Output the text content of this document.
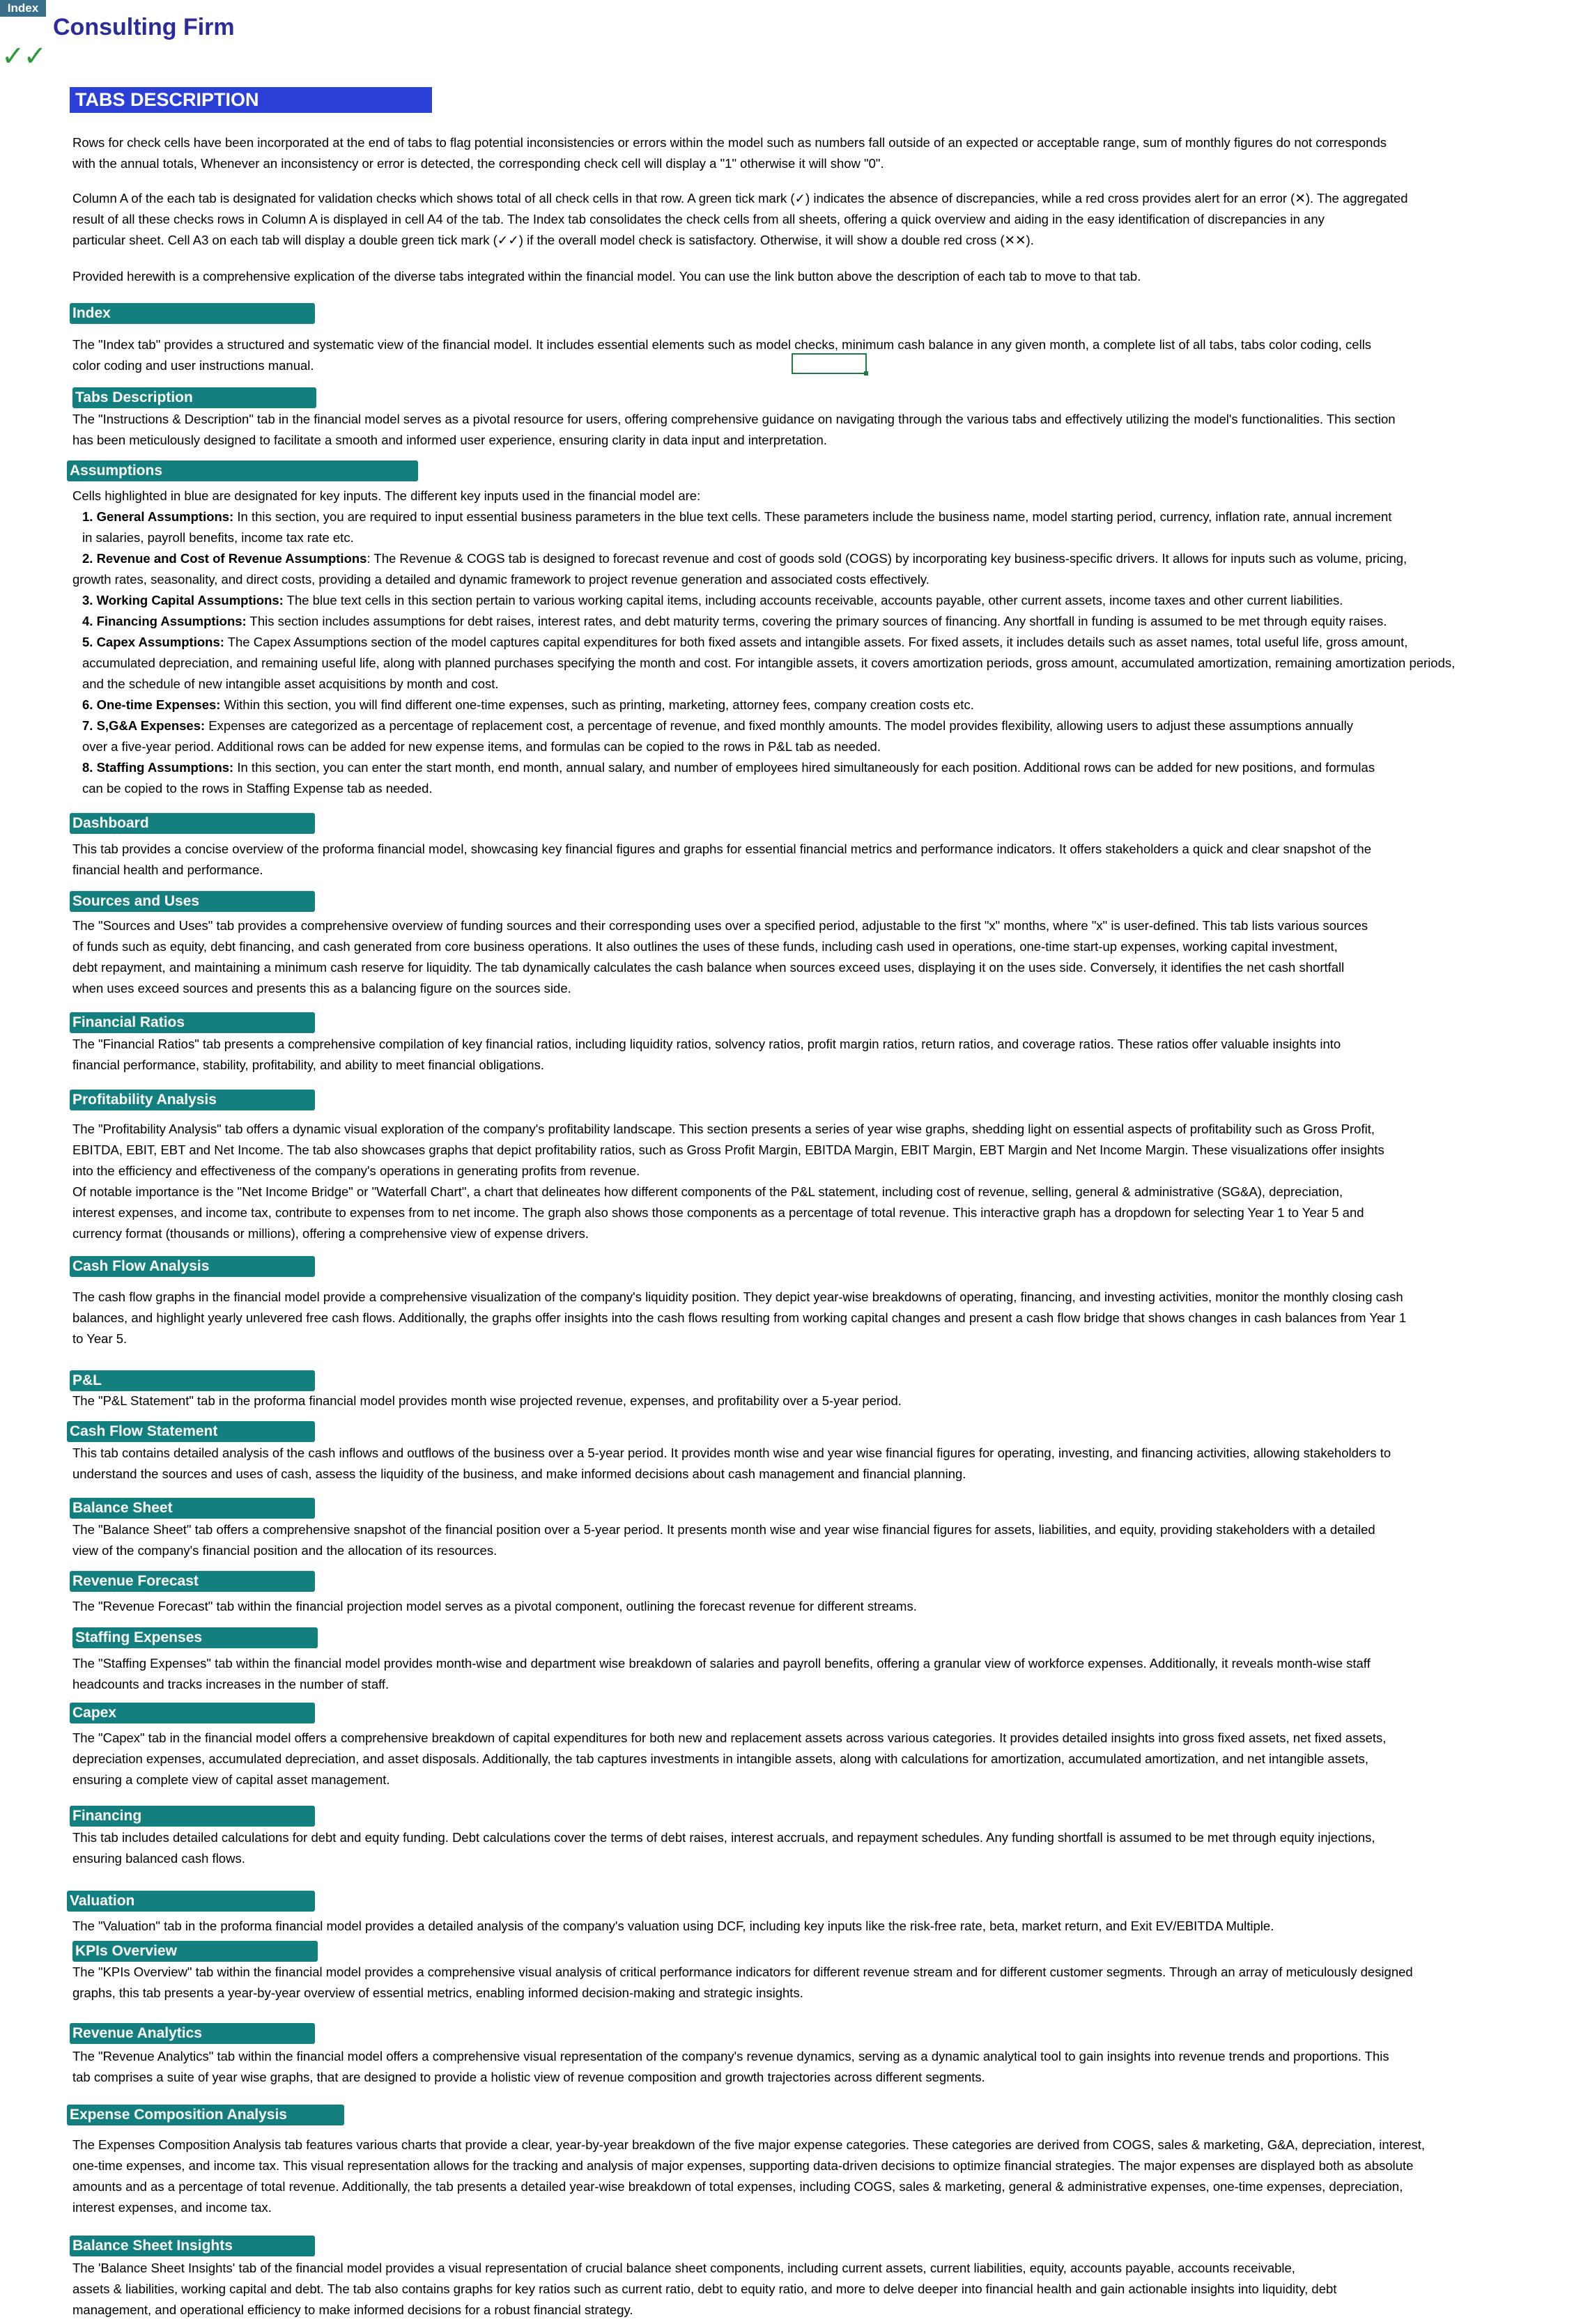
Index
Consulting Firm
✓✓
TABS DESCRIPTION
Rows for check cells have been incorporated at the end of tabs to flag potential inconsistencies or errors within the model such as numbers fall outside of an expected or acceptable range, sum of monthly figures do not corresponds
with the annual totals, Whenever an inconsistency or error is detected, the corresponding check cell will display a "1" otherwise it will show "0".
Column A of the each tab is designated for validation checks which shows total of all check cells in that row. A green tick mark (✓) indicates the absence of discrepancies, while a red cross provides alert for an error (✕). The aggregated
result of all these checks rows in Column A is displayed in cell A4 of the tab. The Index tab consolidates the check cells from all sheets, offering a quick overview and aiding in the easy identification of discrepancies in any
particular sheet. Cell A3 on each tab will display a double green tick mark (✓✓) if the overall model check is satisfactory. Otherwise, it will show a double red cross (✕✕).
Provided herewith is a comprehensive explication of the diverse tabs integrated within the financial model. You can use the link button above the description of each tab to move to that tab.
Index
The "Index tab" provides a structured and systematic view of the financial model. It includes essential elements such as model checks, minimum cash balance in any given month, a complete list of all tabs, tabs color coding, cells
color coding and user instructions manual.
Tabs Description
The "Instructions & Description" tab in the financial model serves as a pivotal resource for users, offering comprehensive guidance on navigating through the various tabs and effectively utilizing the model's functionalities. This section
has been meticulously designed to facilitate a smooth and informed user experience, ensuring clarity in data input and interpretation.
Assumptions
Cells highlighted in blue are designated for key inputs. The different key inputs used in the financial model are:
1. General Assumptions: In this section, you are required to input essential business parameters in the blue text cells. These parameters include the business name, model starting period, currency, inflation rate, annual increment
in salaries, payroll benefits, income tax rate etc.
2. Revenue and Cost of Revenue Assumptions: The Revenue & COGS tab is designed to forecast revenue and cost of goods sold (COGS) by incorporating key business-specific drivers. It allows for inputs such as volume, pricing,
growth rates, seasonality, and direct costs, providing a detailed and dynamic framework to project revenue generation and associated costs effectively.
3. Working Capital Assumptions: The blue text cells in this section pertain to various working capital items, including accounts receivable, accounts payable, other current assets, income taxes and other current liabilities.
4. Financing Assumptions: This section includes assumptions for debt raises, interest rates, and debt maturity terms, covering the primary sources of financing. Any shortfall in funding is assumed to be met through equity raises.
5. Capex Assumptions: The Capex Assumptions section of the model captures capital expenditures for both fixed assets and intangible assets. For fixed assets, it includes details such as asset names, total useful life, gross amount,
accumulated depreciation, and remaining useful life, along with planned purchases specifying the month and cost. For intangible assets, it covers amortization periods, gross amount, accumulated amortization, remaining amortization periods,
and the schedule of new intangible asset acquisitions by month and cost.
6. One-time Expenses: Within this section, you will find different one-time expenses, such as printing, marketing, attorney fees, company creation costs etc.
7. S,G&A Expenses: Expenses are categorized as a percentage of replacement cost, a percentage of revenue, and fixed monthly amounts. The model provides flexibility, allowing users to adjust these assumptions annually
over a five-year period. Additional rows can be added for new expense items, and formulas can be copied to the rows in P&L tab as needed.
8. Staffing Assumptions: In this section, you can enter the start month, end month, annual salary, and number of employees hired simultaneously for each position. Additional rows can be added for new positions, and formulas
can be copied to the rows in Staffing Expense tab as needed.
Dashboard
This tab provides a concise overview of the proforma financial model, showcasing key financial figures and graphs for essential financial metrics and performance indicators. It offers stakeholders a quick and clear snapshot of the
financial health and performance.
Sources and Uses
The "Sources and Uses" tab provides a comprehensive overview of funding sources and their corresponding uses over a specified period, adjustable to the first "x" months, where "x" is user-defined. This tab lists various sources
of funds such as equity, debt financing, and cash generated from core business operations. It also outlines the uses of these funds, including cash used in operations, one-time start-up expenses, working capital investment,
debt repayment, and maintaining a minimum cash reserve for liquidity. The tab dynamically calculates the cash balance when sources exceed uses, displaying it on the uses side. Conversely, it identifies the net cash shortfall
when uses exceed sources and presents this as a balancing figure on the sources side.
Financial Ratios
The "Financial Ratios" tab presents a comprehensive compilation of key financial ratios, including liquidity ratios, solvency ratios, profit margin ratios, return ratios, and coverage ratios. These ratios offer valuable insights into
financial performance, stability, profitability, and ability to meet financial obligations.
Profitability Analysis
The "Profitability Analysis" tab offers a dynamic visual exploration of the company's profitability landscape. This section presents a series of year wise graphs, shedding light on essential aspects of profitability such as Gross Profit,
EBITDA, EBIT, EBT and Net Income. The tab also showcases graphs that depict profitability ratios, such as Gross Profit Margin, EBITDA Margin, EBIT Margin, EBT Margin and Net Income Margin. These visualizations offer insights
into the efficiency and effectiveness of the company's operations in generating profits from revenue.
Of notable importance is the "Net Income Bridge" or "Waterfall Chart", a chart that delineates how different components of the P&L statement, including cost of revenue, selling, general & administrative (SG&A), depreciation,
interest expenses, and income tax, contribute to expenses from to net income. The graph also shows those components as a percentage of total revenue. This interactive graph has a dropdown for selecting Year 1 to Year 5 and
currency format (thousands or millions), offering a comprehensive view of expense drivers.
Cash Flow Analysis
The cash flow graphs in the financial model provide a comprehensive visualization of the company's liquidity position. They depict year-wise breakdowns of operating, financing, and investing activities, monitor the monthly closing cash
balances, and highlight yearly unlevered free cash flows. Additionally, the graphs offer insights into the cash flows resulting from working capital changes and present a cash flow bridge that shows changes in cash balances from Year 1
to Year 5.
P&L
The "P&L Statement" tab in the proforma financial model provides month wise projected revenue, expenses, and profitability over a 5-year period.
Cash Flow Statement
This tab contains detailed analysis of the cash inflows and outflows of the business over a 5-year period. It provides month wise and year wise financial figures for operating, investing, and financing activities, allowing stakeholders to
understand the sources and uses of cash, assess the liquidity of the business, and make informed decisions about cash management and financial planning.
Balance Sheet
The "Balance Sheet" tab offers a comprehensive snapshot of the financial position over a 5-year period. It presents month wise and year wise financial figures for assets, liabilities, and equity, providing stakeholders with a detailed
view of the company's financial position and the allocation of its resources.
Revenue Forecast
The "Revenue Forecast" tab within the financial projection model serves as a pivotal component, outlining the forecast revenue for different streams.
Staffing Expenses
The "Staffing Expenses" tab within the financial model provides month-wise and department wise breakdown of salaries and payroll benefits, offering a granular view of workforce expenses. Additionally, it reveals month-wise staff
headcounts and tracks increases in the number of staff.
Capex
The "Capex" tab in the financial model offers a comprehensive breakdown of capital expenditures for both new and replacement assets across various categories. It provides detailed insights into gross fixed assets, net fixed assets,
depreciation expenses, accumulated depreciation, and asset disposals. Additionally, the tab captures investments in intangible assets, along with calculations for amortization, accumulated amortization, and net intangible assets,
ensuring a complete view of capital asset management.
Financing
This tab includes detailed calculations for debt and equity funding. Debt calculations cover the terms of debt raises, interest accruals, and repayment schedules. Any funding shortfall is assumed to be met through equity injections,
ensuring balanced cash flows.
Valuation
The "Valuation" tab in the proforma financial model provides a detailed analysis of the company's valuation using DCF, including key inputs like the risk-free rate, beta, market return, and Exit EV/EBITDA Multiple.
KPIs Overview
The "KPIs Overview" tab within the financial model provides a comprehensive visual analysis of critical performance indicators for different revenue stream and for different customer segments. Through an array of meticulously designed
graphs, this tab presents a year-by-year overview of essential metrics, enabling informed decision-making and strategic insights.
Revenue Analytics
The "Revenue Analytics" tab within the financial model offers a comprehensive visual representation of the company's revenue dynamics, serving as a dynamic analytical tool to gain insights into revenue trends and proportions. This
tab comprises a suite of year wise graphs, that are designed to provide a holistic view of revenue composition and growth trajectories across different segments.
Expense Composition Analysis
The Expenses Composition Analysis tab features various charts that provide a clear, year-by-year breakdown of the five major expense categories. These categories are derived from COGS, sales & marketing, G&A, depreciation, interest,
one-time expenses, and income tax. This visual representation allows for the tracking and analysis of major expenses, supporting data-driven decisions to optimize financial strategies. The major expenses are displayed both as absolute
amounts and as a percentage of total revenue. Additionally, the tab presents a detailed year-wise breakdown of total expenses, including COGS, sales & marketing, general & administrative expenses, one-time expenses, depreciation,
interest expenses, and income tax.
Balance Sheet Insights
The 'Balance Sheet Insights' tab of the financial model provides a visual representation of crucial balance sheet components, including current assets, current liabilities, equity, accounts payable, accounts receivable,
assets & liabilities, working capital and debt. The tab also contains graphs for key ratios such as current ratio, debt to equity ratio, and more to delve deeper into financial health and gain actionable insights into liquidity, debt
management, and operational efficiency to make informed decisions for a robust financial strategy.
